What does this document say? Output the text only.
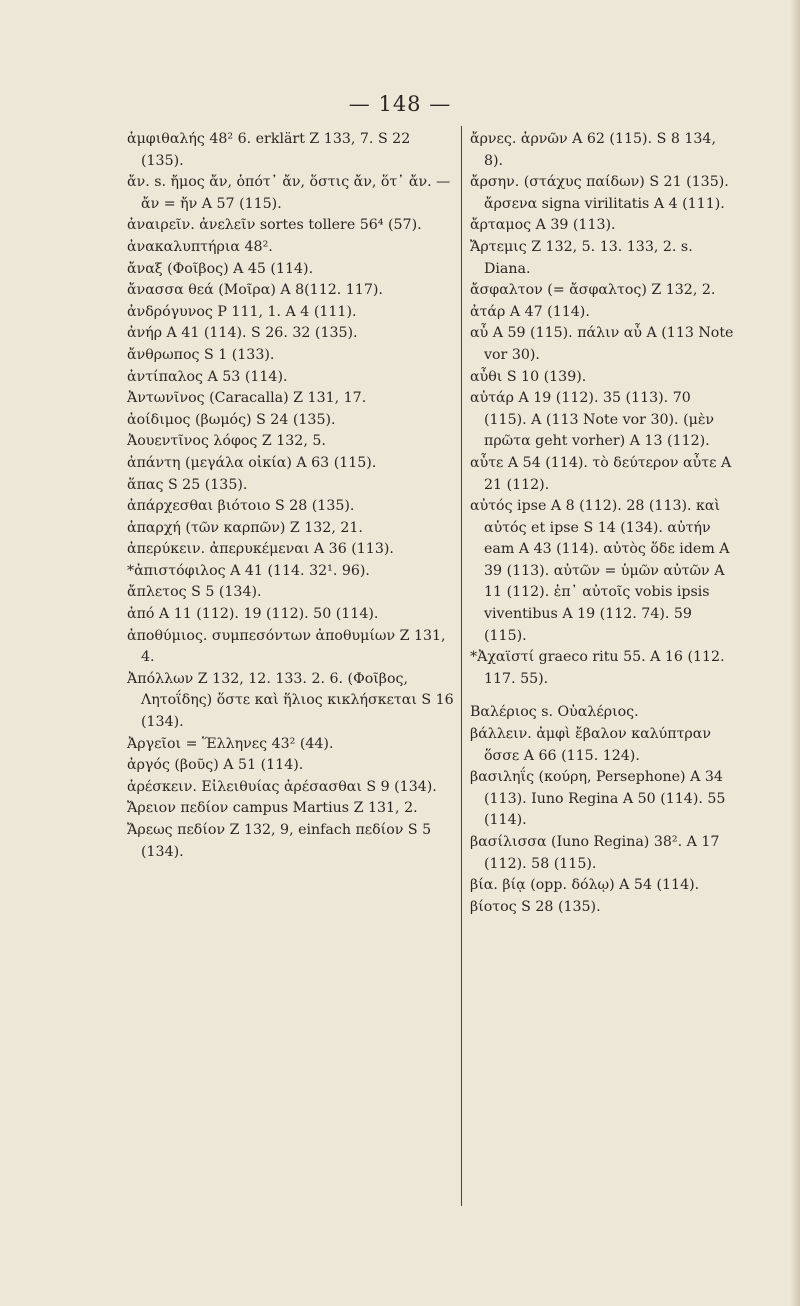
— 148 —

ἀμφιθαλής 48² 6. erklärt Z 133, 7. S 22 (135).

ἄν. s. ἤμος ἄν, ὁπότ᾽ ἄν, ὅστις ἄν, ὅτ᾽ ἄν. — ἄν = ἤν A 57 (115).

ἀναιρεῖν. ἀνελεῖν sortes tollere 56⁴ (57).

ἀνακαλυπτήρια 48².

ἄναξ (Φοῖβος) A 45 (114).

ἄνασσα θεά (Μοῖρα) A 8(112. 117).

ἀνδρόγυνος P 111, 1. A 4 (111).

ἀνήρ A 41 (114). S 26. 32 (135).

ἄνθρωπος S 1 (133).

ἀντίπαλος A 53 (114).

Ἀντωνῖνος (Caracalla) Z 131, 17.

ἀοίδιμος (βωμός) S 24 (135).

Ἀουεντῖνος λόφος Z 132, 5.

ἀπάντη (μεγάλα οἰκία) A 63 (115).

ἅπας S 25 (135).

ἀπάρχεσθαι βιότοιο S 28 (135).

ἀπαρχή (τῶν καρπῶν) Z 132, 21.

ἀπερύκειν. ἀπερυκέμεναι A 36 (113).

*ἀπιστόφιλος A 41 (114. 32¹. 96).

ἄπλετος S 5 (134).

ἀπό A 11 (112). 19 (112). 50 (114).

ἀποθύμιος. συμπεσόντων ἀποθυμίων Z 131, 4.

Ἀπόλλων Z 132, 12. 133. 2. 6. (Φοῖβος, Λητοΐδης) ὅστε καὶ ἥλιος κικλήσκεται S 16 (134).

Ἀργεῖοι = Ἕλληνες 43² (44).

ἀργός (βοῦς) A 51 (114).

ἀρέσκειν. Εἰλειθυίας ἀρέσασθαι S 9 (134).

Ἄρειον πεδίον campus Martius Z 131, 2.

Ἄρεως πεδίον Z 132, 9, einfach πεδίον S 5 (134).

ἄρνες. ἀρνῶν A 62 (115). S 8 134, 8).

ἄρσην. (στάχυς παίδων) S 21 (135). ἄρσενα signa virilitatis A 4 (111).

ἄρταμος A 39 (113).

Ἄρτεμις Z 132, 5. 13. 133, 2. s. Diana.

ἄσφαλτον (= ἄσφαλτος) Z 132, 2.

ἀτάρ A 47 (114).

αὖ A 59 (115). πάλιν αὖ A (113 Note vor 30).

αὖθι S 10 (139).

αὐτάρ A 19 (112). 35 (113). 70 (115). A (113 Note vor 30). (μὲν πρῶτα geht vorher) A 13 (112).

αὖτε A 54 (114). τὸ δεύτερον αὖτε A 21 (112).

αὐτός ipse A 8 (112). 28 (113). καὶ αὐτός et ipse S 14 (134). αὐτήν eam A 43 (114). αὐτὸς ὅδε idem A 39 (113). αὐτῶν = ὑμῶν αὐτῶν A 11 (112). ἐπ᾽ αὐτοῖς vobis ipsis viventibus A 19 (112. 74). 59 (115).

*Ἀχαϊστί graeco ritu 55. A 16 (112. 117. 55).

Βαλέριος s. Οὐαλέριος.

βάλλειν. ἀμφὶ ἔβαλον καλύπτραν ὅσσε A 66 (115. 124).

βασιληΐς (κούρη, Persephone) A 34 (113). Iuno Regina A 50 (114). 55 (114).

βασίλισσα (Iuno Regina) 38². A 17 (112). 58 (115).

βία. βίᾳ (opp. δόλῳ) A 54 (114).

βίοτος S 28 (135).
